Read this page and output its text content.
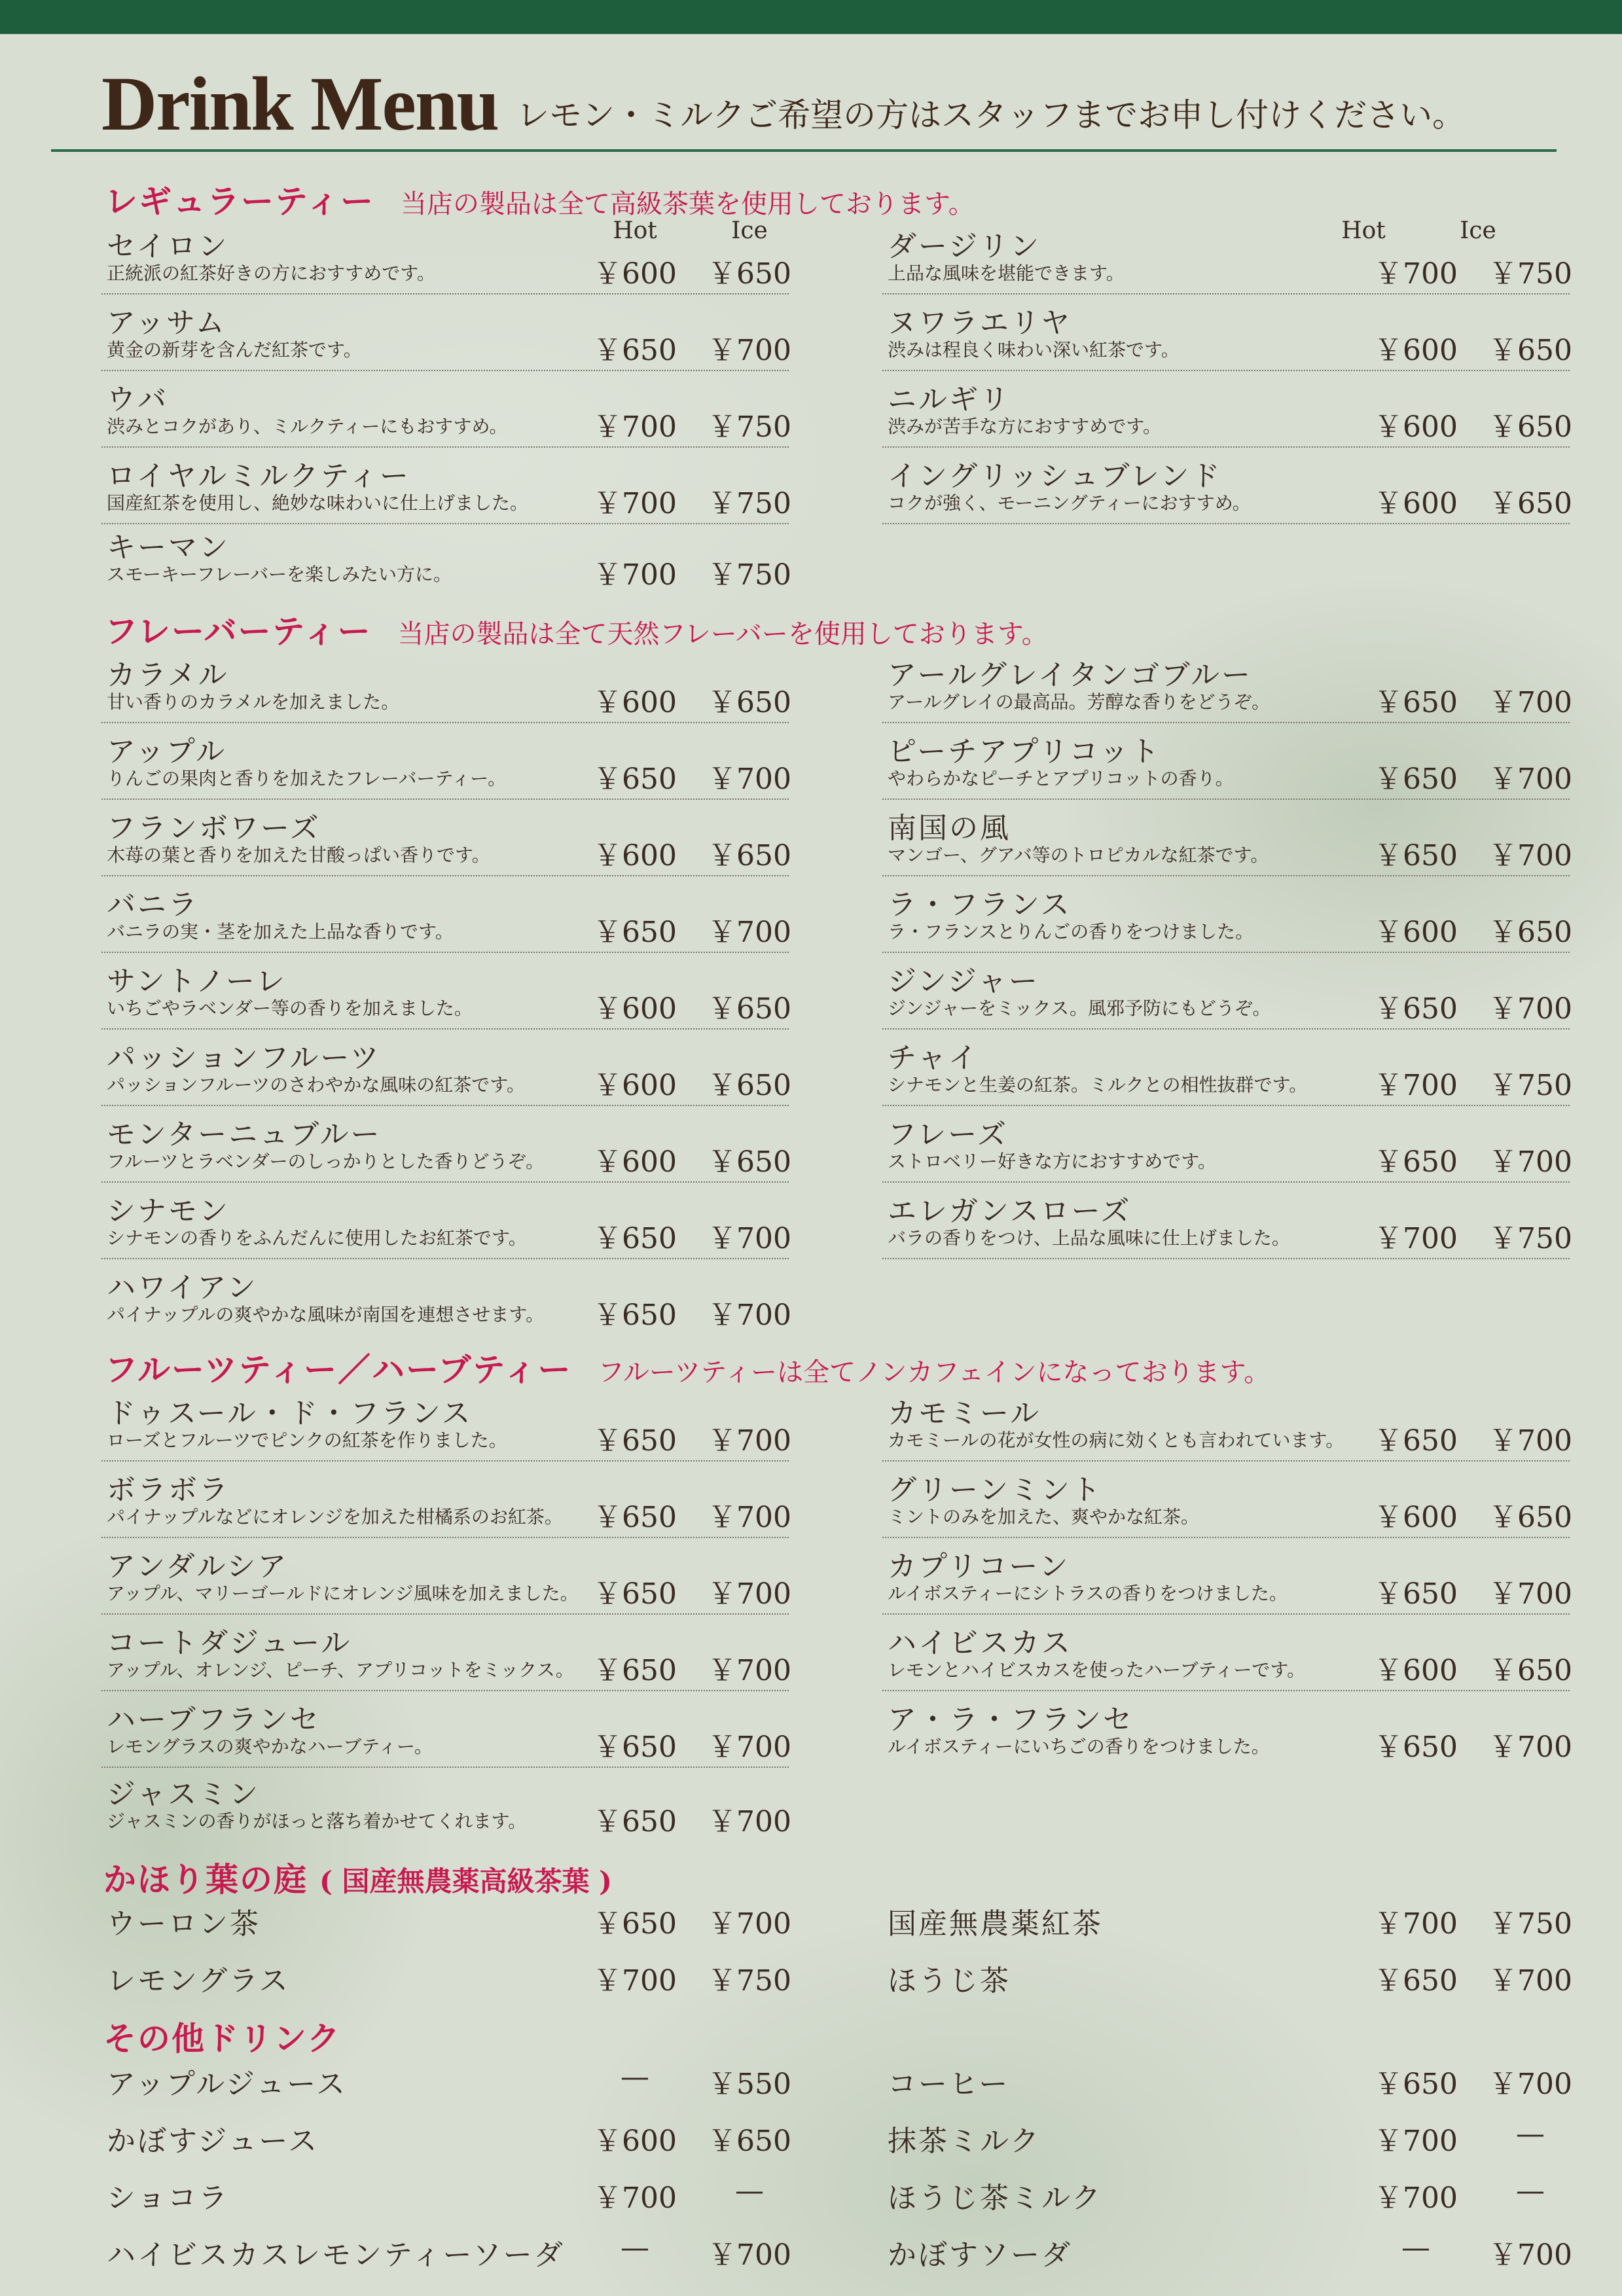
Drink Menu レモン・ミルクご希望の方はスタッフまでお申し付けください。
レギュラーティー 当店の製品は全て高級茶葉を使用しております。
フレーバーティー 当店の製品は全て天然フレーバーを使用しております。
フルーツティー／ハーブティー フルーツティーは全てノンカフェインになっております。
かほり葉の庭 ( 国産無農薬高級茶葉 )
その他ドリンク
Hot	Ice	Hot	Ice
セイロン
正統派の紅茶好きの方におすすめです。	￥600	￥650
アッサム
黄金の新芽を含んだ紅茶です。	￥650	￥700
ウバ
渋みとコクがあり、ミルクティーにもおすすめ。	￥700	￥750
ロイヤルミルクティー
国産紅茶を使用し、絶妙な味わいに仕上げました。	￥700	￥750
キーマン
スモーキーフレーバーを楽しみたい方に。	￥700	￥750
ダージリン
上品な風味を堪能できます。	￥700	￥750
ヌワラエリヤ
渋みは程良く味わい深い紅茶です。	￥600	￥650
ニルギリ
渋みが苦手な方におすすめです。	￥600	￥650
イングリッシュブレンド
コクが強く、モーニングティーにおすすめ。	￥600	￥650
カラメル
甘い香りのカラメルを加えました。	￥600	￥650
アップル
りんごの果肉と香りを加えたフレーバーティー。	￥650	￥700
フランボワーズ
木苺の葉と香りを加えた甘酸っぱい香りです。	￥600	￥650
バニラ
バニラの実・茎を加えた上品な香りです。	￥650	￥700
サントノーレ
いちごやラベンダー等の香りを加えました。	￥600	￥650
パッションフルーツ
パッションフルーツのさわやかな風味の紅茶です。	￥600	￥650
モンターニュブルー
フルーツとラベンダーのしっかりとした香りどうぞ。	￥600	￥650
シナモン
シナモンの香りをふんだんに使用したお紅茶です。	￥650	￥700
ハワイアン
パイナップルの爽やかな風味が南国を連想させます。	￥650	￥700
アールグレイタンゴブルー
アールグレイの最高品。芳醇な香りをどうぞ。	￥650	￥700
ピーチアプリコット
やわらかなピーチとアプリコットの香り。	￥650	￥700
南国の風
マンゴー、グアバ等のトロピカルな紅茶です。	￥650	￥700
ラ・フランス
ラ・フランスとりんごの香りをつけました。	￥600	￥650
ジンジャー
ジンジャーをミックス。風邪予防にもどうぞ。	￥650	￥700
チャイ
シナモンと生姜の紅茶。ミルクとの相性抜群です。	￥700	￥750
フレーズ
ストロベリー好きな方におすすめです。	￥650	￥700
エレガンスローズ
バラの香りをつけ、上品な風味に仕上げました。	￥700	￥750
ドゥスール・ド・フランス
ローズとフルーツでピンクの紅茶を作りました。	￥650	￥700
ボラボラ
パイナップルなどにオレンジを加えた柑橘系のお紅茶。	￥650	￥700
アンダルシア
アップル、マリーゴールドにオレンジ風味を加えました。 ￥650	￥700
コートダジュール
アップル、オレンジ、ピーチ、アプリコットをミックス。 ￥650	￥700
ハーブフランセ
レモングラスの爽やかなハーブティー。	￥650	￥700
ジャスミン
ジャスミンの香りがほっと落ち着かせてくれます。	￥650	￥700
カモミール
カモミールの花が女性の病に効くとも言われています。	￥650	￥700
グリーンミント
ミントのみを加えた、爽やかな紅茶。	￥600	￥650
カプリコーン
ルイボスティーにシトラスの香りをつけました。	￥650	￥700
ハイビスカス
レモンとハイビスカスを使ったハーブティーです。	￥600	￥650
ア・ラ・フランセ
ルイボスティーにいちごの香りをつけました。	￥650	￥700
ウーロン茶	￥650	￥700
レモングラス	￥700	￥750
国産無農薬紅茶	￥700	￥750
ほうじ茶	￥650	￥700
アップルジュース	—	￥550
かぼすジュース	￥600	￥650
ショコラ	￥700	—
ハイビスカスレモンティーソーダ	—	￥700
コーヒー	￥650	￥700
抹茶ミルク	￥700	—
ほうじ茶ミルク	￥700	—
かぼすソーダ	—	￥700
